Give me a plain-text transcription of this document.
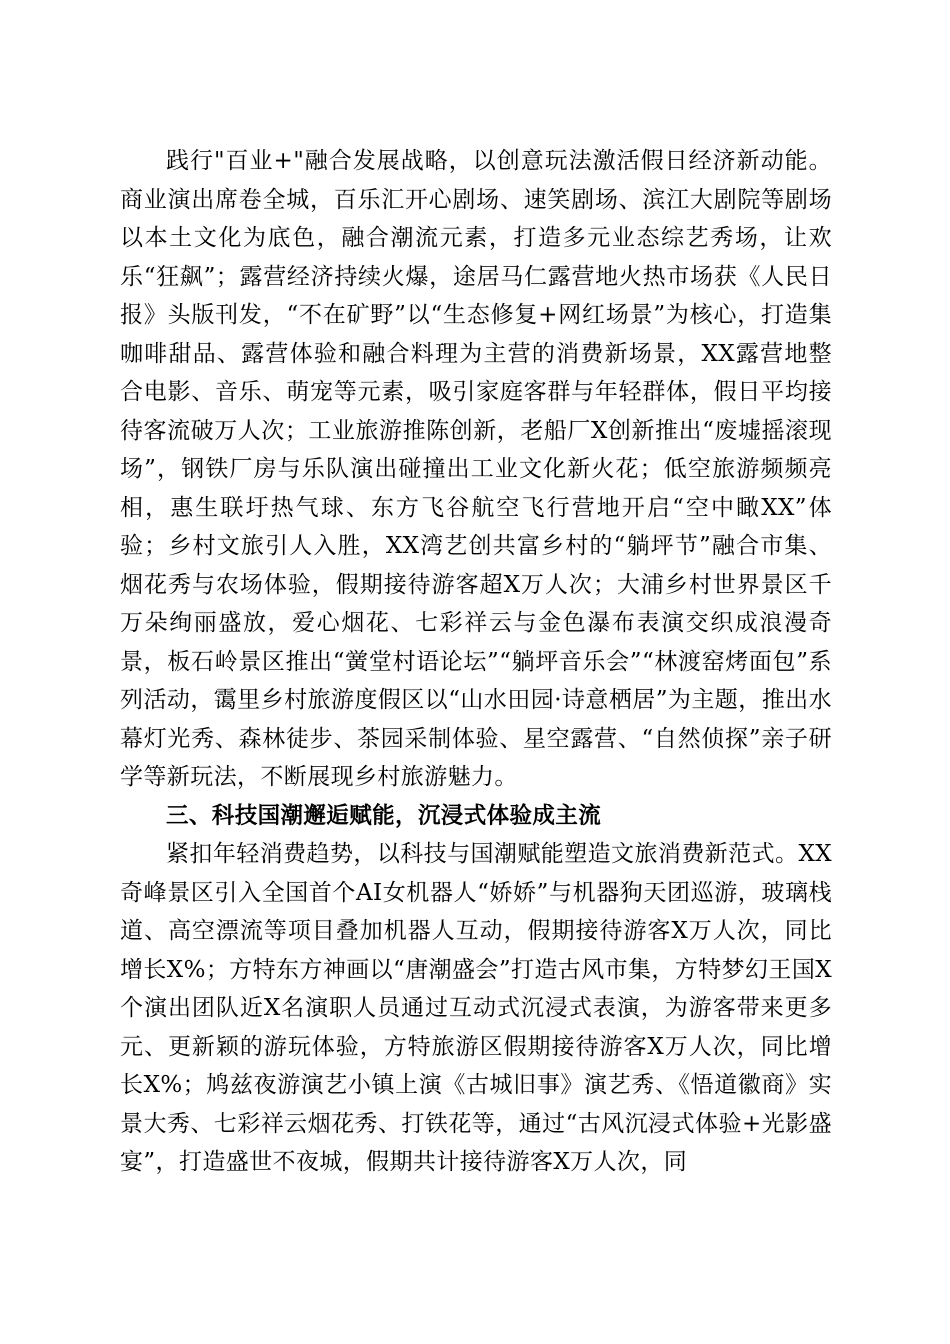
践行"百业+"融合发展战略，以创意玩法激活假日经济新动能。商业演出席卷全城，百乐汇开心剧场、速笑剧场、滨江大剧院等剧场以本土文化为底色，融合潮流元素，打造多元业态综艺秀场，让欢乐“狂飙”；露营经济持续火爆，途居马仁露营地火热市场获《人民日报》头版刊发，“不在矿野”以“生态修复+网红场景”为核心，打造集咖啡甜品、露营体验和融合料理为主营的消费新场景，XX露营地整合电影、音乐、萌宠等元素，吸引家庭客群与年轻群体，假日平均接待客流破万人次；工业旅游推陈创新，老船厂X创新推出“废墟摇滚现场”，钢铁厂房与乐队演出碰撞出工业文化新火花；低空旅游频频亮相，惠生联圩热气球、东方飞谷航空飞行营地开启“空中瞰XX”体验；乡村文旅引人入胜，XX湾艺创共富乡村的“躺坪节”融合市集、烟花秀与农场体验，假期接待游客超X万人次；大浦乡村世界景区千万朵绚丽盛放，爱心烟花、七彩祥云与金色瀑布表演交织成浪漫奇景，板石岭景区推出“黉堂村语论坛”“躺坪音乐会”“林渡窑烤面包”系列活动，霭里乡村旅游度假区以“山水田园·诗意栖居”为主题，推出水幕灯光秀、森林徒步、茶园采制体验、星空露营、“自然侦探”亲子研学等新玩法，不断展现乡村旅游魅力。

三、科技国潮邂逅赋能，沉浸式体验成主流

紧扣年轻消费趋势，以科技与国潮赋能塑造文旅消费新范式。XX奇峰景区引入全国首个AI女机器人“娇娇”与机器狗天团巡游，玻璃栈道、高空漂流等项目叠加机器人互动，假期接待游客X万人次，同比增长X%；方特东方神画以“唐潮盛会”打造古风市集，方特梦幻王国X个演出团队近X名演职人员通过互动式沉浸式表演，为游客带来更多元、更新颖的游玩体验，方特旅游区假期接待游客X万人次，同比增长X%；鸠兹夜游演艺小镇上演《古城旧事》演艺秀、《悟道徽商》实景大秀、七彩祥云烟花秀、打铁花等，通过“古风沉浸式体验+光影盛宴”，打造盛世不夜城，假期共计接待游客X万人次，同
